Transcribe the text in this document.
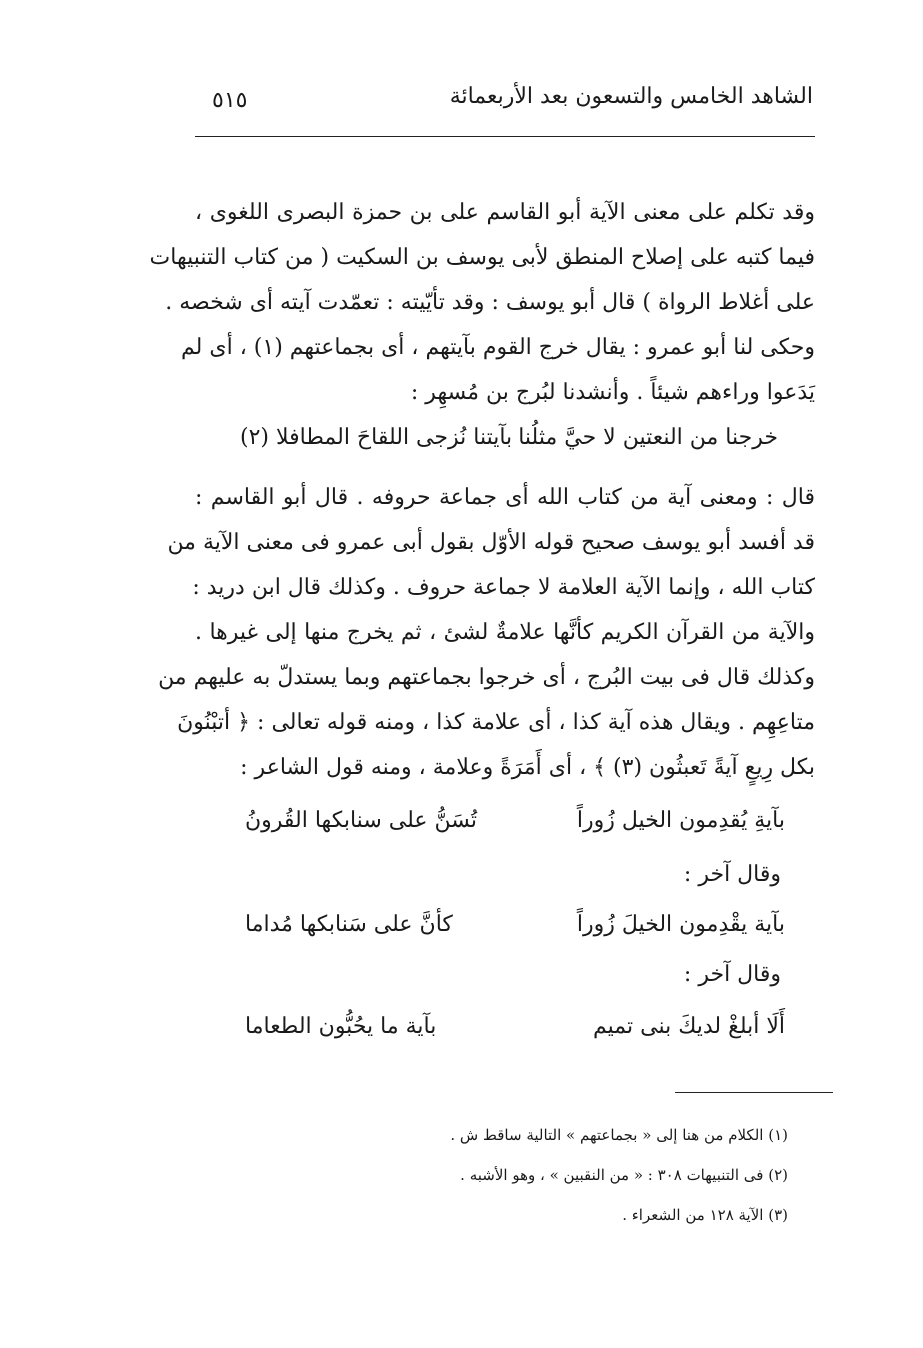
الشاهد الخامس والتسعون بعد الأربعمائة
٥١٥
وقد تكلم على معنى الآية أبو القاسم على بن حمزة البصرى اللغوى ،
فيما كتبه على إصلاح المنطق لأبى يوسف بن السكيت ( من كتاب التنبيهات
على أغلاط الرواة ) قال أبو يوسف : وقد تأيّيته : تعمّدت آيته أى شخصه .
وحكى لنا أبو عمرو : يقال خرج القوم بآيتهم ، أى بجماعتهم (١) ، أى لم
يَدَعوا وراءهم شيئاً . وأنشدنا لبُرج بن مُسهِر :
خرجنا من النعتين لا حيَّ مثلُنا
بآيتنا نُزجى اللقاحَ المطافلا (٢)
قال : ومعنى آية من كتاب الله أى جماعة حروفه . قال أبو القاسم :
قد أفسد أبو يوسف صحيح قوله الأوّل بقول أبى عمرو فى معنى الآية من
كتاب الله ، وإنما الآية العلامة لا جماعة حروف . وكذلك قال ابن دريد :
والآية من القرآن الكريم كأنَّها علامةٌ لشئ ، ثم يخرج منها إلى غيرها .
وكذلك قال فى بيت البُرج ، أى خرجوا بجماعتهم وبما يستدلّ به عليهم من
متاعِهِم . ويقال هذه آية كذا ، أى علامة كذا ، ومنه قوله تعالى : ﴿ أتبْنُونَ
بكل رِيعٍ آيةً تَعبثُون (٣) ﴾ ، أى أَمَرَةً وعلامة ، ومنه قول الشاعر :
بآيةِ يُقدِمون الخيل زُوراً
تُسَنُّ على سنابكها القُرونُ
وقال آخر :
بآية يقْدِمون الخيلَ زُوراً
كأنَّ على سَنابكها مُداما
وقال آخر :
أَلَا أبلغْ لديكَ بنى تميم
بآية ما يحُبُّون الطعاما
(١) الكلام من هنا إلى « بجماعتهم » التالية ساقط ش .
(٢) فى التنبيهات ٣٠٨ : « من النقبين » ، وهو الأشبه .
(٣) الآية ١٢٨ من الشعراء .
